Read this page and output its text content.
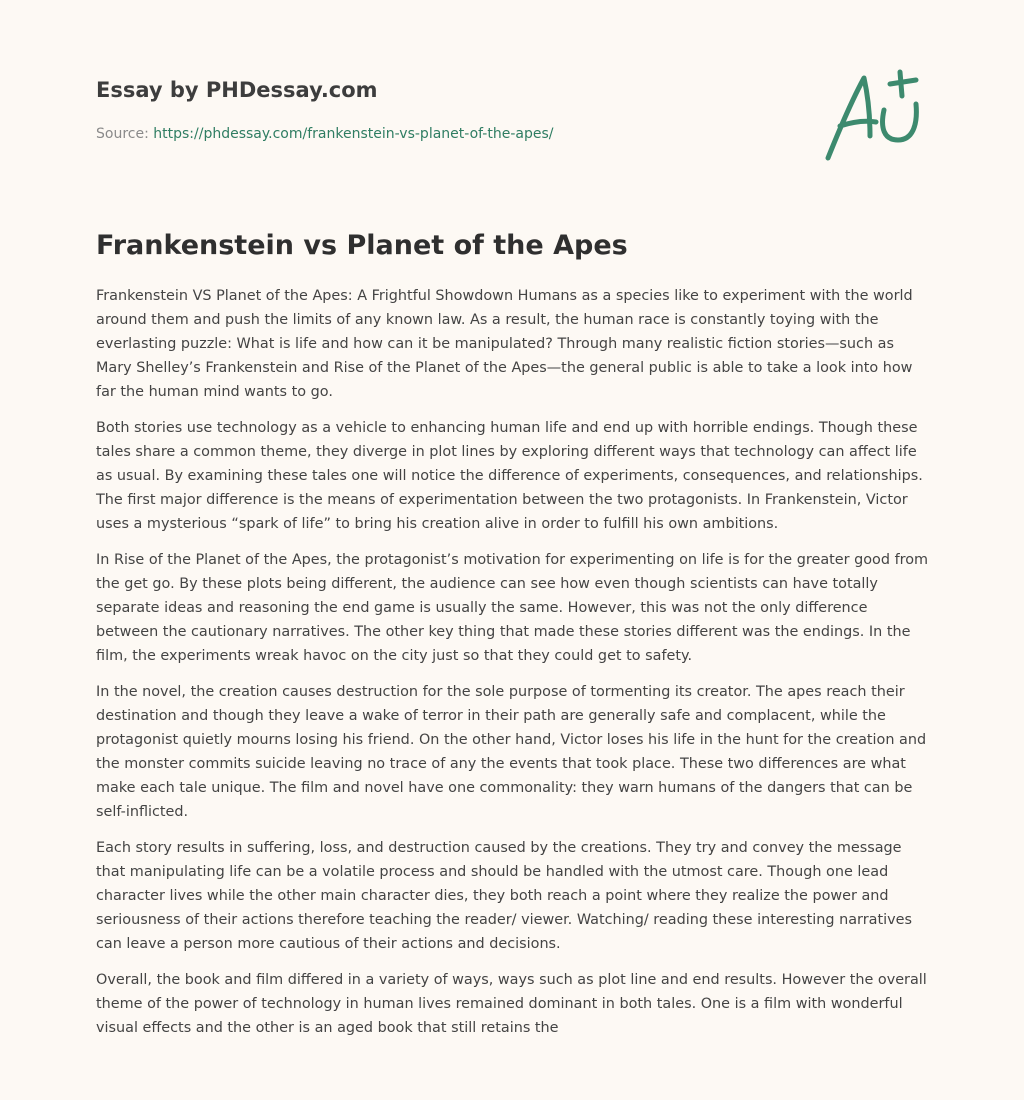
Essay by PHDessay.com
Source: https://phdessay.com/frankenstein-vs-planet-of-the-apes/
Frankenstein vs Planet of the Apes

Frankenstein VS Planet of the Apes: A Frightful Showdown Humans as a species like to experiment with the world around them and push the limits of any known law. As a result, the human race is constantly toying with the everlasting puzzle: What is life and how can it be manipulated? Through many realistic fiction stories—such as Mary Shelley’s Frankenstein and Rise of the Planet of the Apes—the general public is able to take a look into how far the human mind wants to go.

Both stories use technology as a vehicle to enhancing human life and end up with horrible endings. Though these tales share a common theme, they diverge in plot lines by exploring different ways that technology can affect life as usual. By examining these tales one will notice the difference of experiments, consequences, and relationships. The first major difference is the means of experimentation between the two protagonists. In Frankenstein, Victor uses a mysterious “spark of life” to bring his creation alive in order to fulfill his own ambitions.

In Rise of the Planet of the Apes, the protagonist’s motivation for experimenting on life is for the greater good from the get go. By these plots being different, the audience can see how even though scientists can have totally separate ideas and reasoning the end game is usually the same. However, this was not the only difference between the cautionary narratives. The other key thing that made these stories different was the endings. In the film, the experiments wreak havoc on the city just so that they could get to safety.

In the novel, the creation causes destruction for the sole purpose of tormenting its creator. The apes reach their destination and though they leave a wake of terror in their path are generally safe and complacent, while the protagonist quietly mourns losing his friend. On the other hand, Victor loses his life in the hunt for the creation and the monster commits suicide leaving no trace of any the events that took place. These two differences are what make each tale unique. The film and novel have one commonality: they warn humans of the dangers that can be self-inflicted.

Each story results in suffering, loss, and destruction caused by the creations. They try and convey the message that manipulating life can be a volatile process and should be handled with the utmost care. Though one lead character lives while the other main character dies, they both reach a point where they realize the power and seriousness of their actions therefore teaching the reader/ viewer. Watching/ reading these interesting narratives can leave a person more cautious of their actions and decisions.

Overall, the book and film differed in a variety of ways, ways such as plot line and end results. However the overall theme of the power of technology in human lives remained dominant in both tales. One is a film with wonderful visual effects and the other is an aged book that still retains the
